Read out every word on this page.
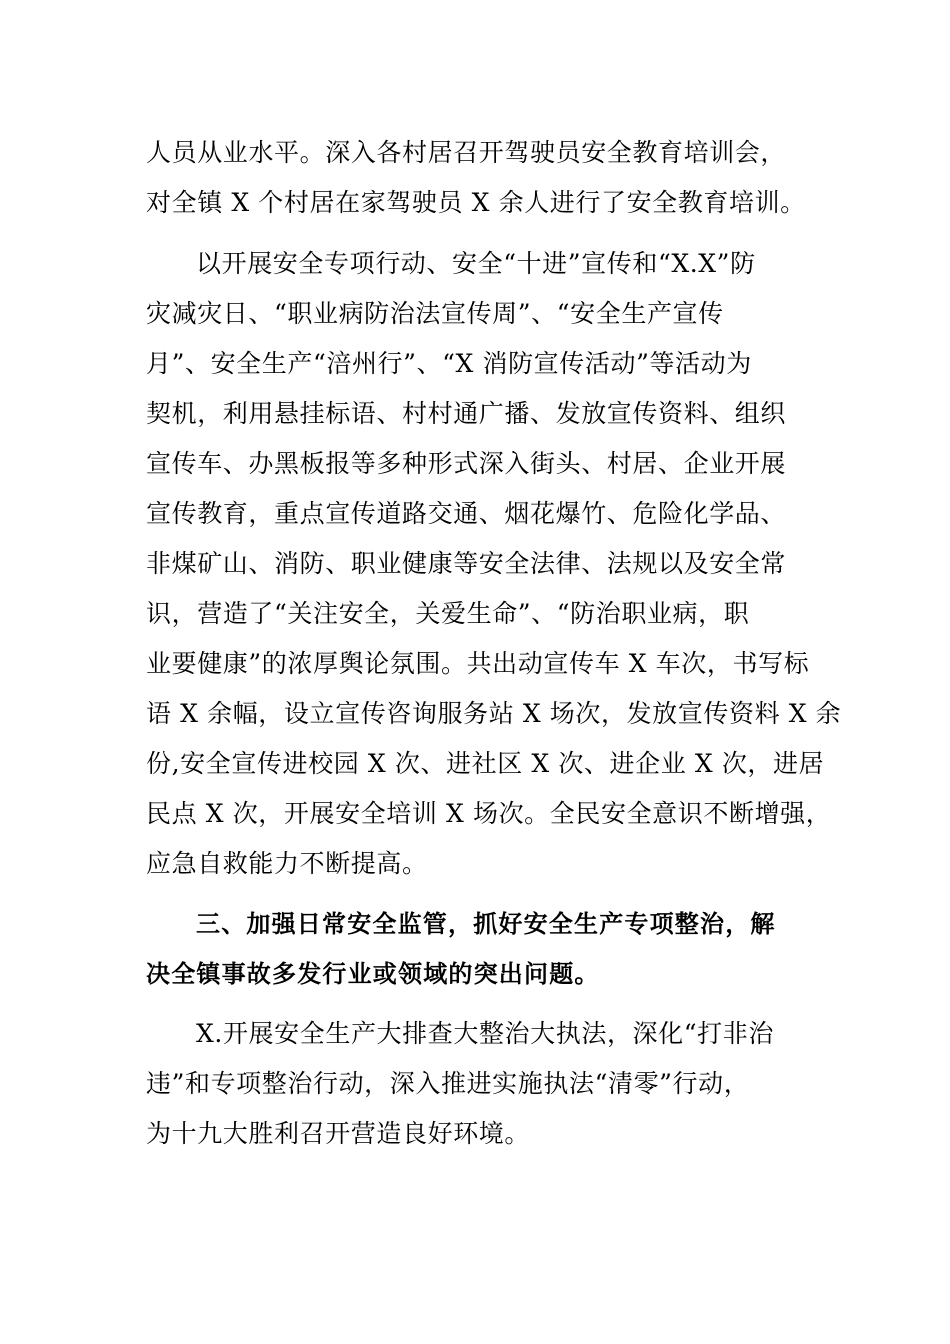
人员从业水平。深入各村居召开驾驶员安全教育培训会，

对全镇 X 个村居在家驾驶员 X 余人进行了安全教育培训。

以开展安全专项行动、安全“十进”宣传和“X.X”防

灾减灾日、“职业病防治法宣传周”、“安全生产宣传

月”、安全生产“涪州行”、“X 消防宣传活动”等活动为

契机，利用悬挂标语、村村通广播、发放宣传资料、组织

宣传车、办黑板报等多种形式深入街头、村居、企业开展

宣传教育，重点宣传道路交通、烟花爆竹、危险化学品、

非煤矿山、消防、职业健康等安全法律、法规以及安全常

识，营造了“关注安全，关爱生命”、“防治职业病，职

业要健康”的浓厚舆论氛围。共出动宣传车 X 车次，书写标

语 X 余幅，设立宣传咨询服务站 X 场次，发放宣传资料 X 余

份,安全宣传进校园 X 次、进社区 X 次、进企业 X 次，进居

民点 X 次，开展安全培训 X 场次。全民安全意识不断增强，

应急自救能力不断提高。

三、加强日常安全监管，抓好安全生产专项整治，解

决全镇事故多发行业或领域的突出问题。

X.开展安全生产大排查大整治大执法，深化“打非治

违”和专项整治行动，深入推进实施执法“清零”行动，

为十九大胜利召开营造良好环境。
